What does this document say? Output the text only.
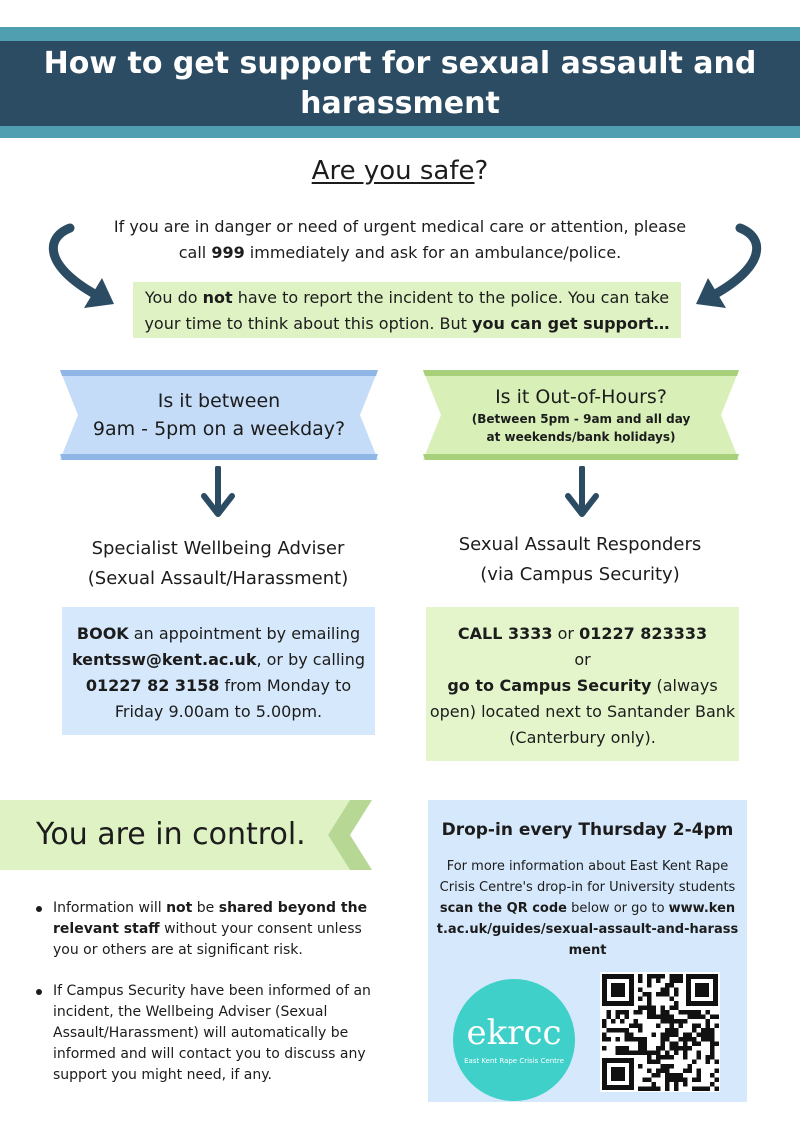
How to get support for sexual assault and harassment
Are you safe?
If you are in danger or need of urgent medical care or attention, please call 999 immediately and ask for an ambulance/police.
You do not have to report the incident to the police. You can take your time to think about this option. But you can get support…
Is it between
9am - 5pm on a weekday?
Is it Out-of-Hours?
(Between 5pm - 9am and all day at weekends/bank holidays)
Specialist Wellbeing Adviser
(Sexual Assault/Harassment)
Sexual Assault Responders
(via Campus Security)
BOOK an appointment by emailing kentssw@kent.ac.uk, or by calling 01227 82 3158 from Monday to Friday 9.00am to 5.00pm.
CALL 3333 or 01227 823333
or
go to Campus Security (always open) located next to Santander Bank (Canterbury only).
You are in control.
Information will not be shared beyond the relevant staff without your consent unless you or others are at significant risk.
If Campus Security have been informed of an incident, the Wellbeing Adviser (Sexual Assault/Harassment) will automatically be informed and will contact you to discuss any support you might need, if any.
Drop-in every Thursday 2-4pm
For more information about East Kent Rape Crisis Centre's drop-in for University students scan the QR code below or go to www.kent.ac.uk/guides/sexual-assault-and-harassment
ekrcc
East Kent Rape Crisis Centre
